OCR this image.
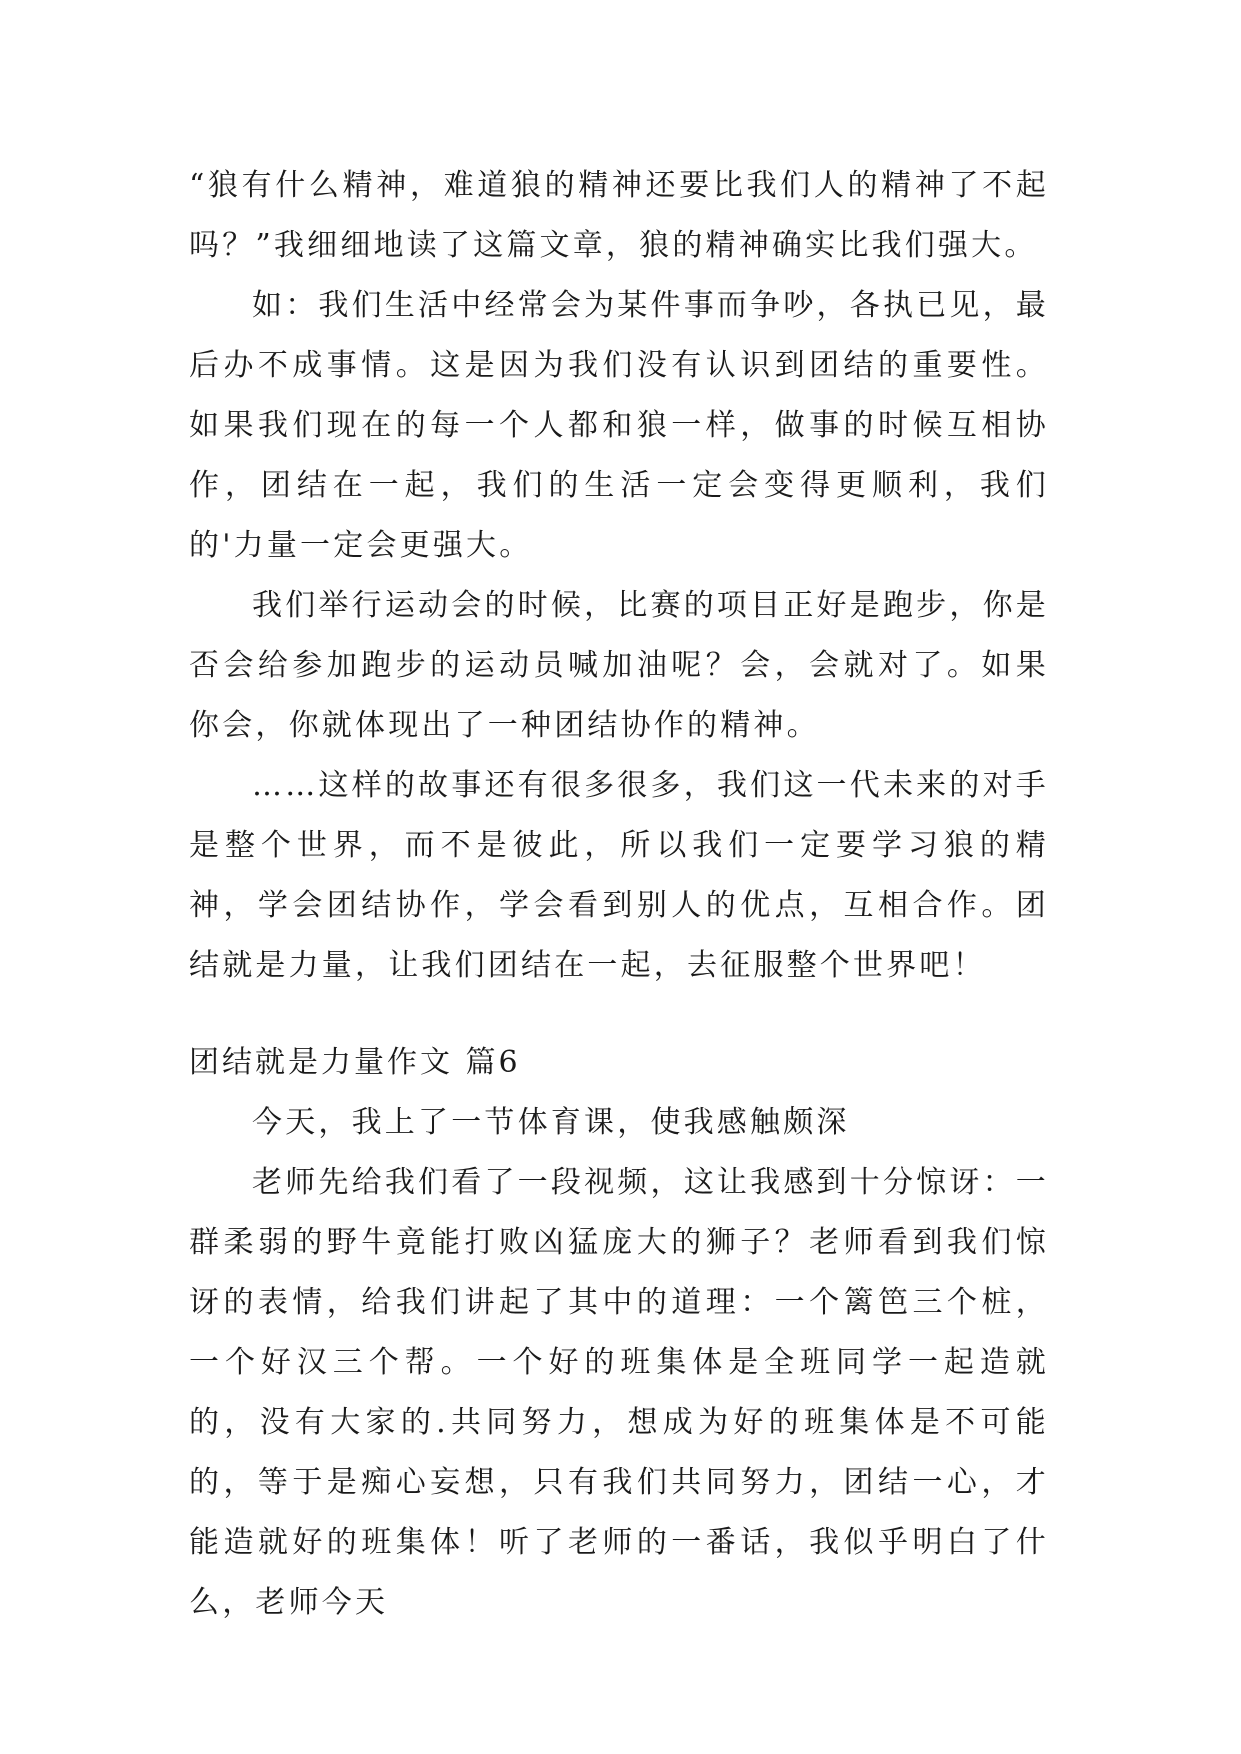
“狼有什么精神，难道狼的精神还要比我们人的精神了不起吗？”我细细地读了这篇文章，狼的精神确实比我们强大。

如：我们生活中经常会为某件事而争吵，各执已见，最后办不成事情。这是因为我们没有认识到团结的重要性。如果我们现在的每一个人都和狼一样，做事的时候互相协作，团结在一起，我们的生活一定会变得更顺利，我们的'力量一定会更强大。

我们举行运动会的时候，比赛的项目正好是跑步，你是否会给参加跑步的运动员喊加油呢？会，会就对了。如果你会，你就体现出了一种团结协作的精神。

……这样的故事还有很多很多，我们这一代未来的对手是整个世界，而不是彼此，所以我们一定要学习狼的精神，学会团结协作，学会看到别人的优点，互相合作。团结就是力量，让我们团结在一起，去征服整个世界吧！

团结就是力量作文 篇6

今天，我上了一节体育课，使我感触颇深

老师先给我们看了一段视频，这让我感到十分惊讶：一群柔弱的野牛竟能打败凶猛庞大的狮子？老师看到我们惊讶的表情，给我们讲起了其中的道理：一个篱笆三个桩，一个好汉三个帮。一个好的班集体是全班同学一起造就的，没有大家的.共同努力，想成为好的班集体是不可能的，等于是痴心妄想，只有我们共同努力，团结一心，才能造就好的班集体！听了老师的一番话，我似乎明白了什么，老师今天
